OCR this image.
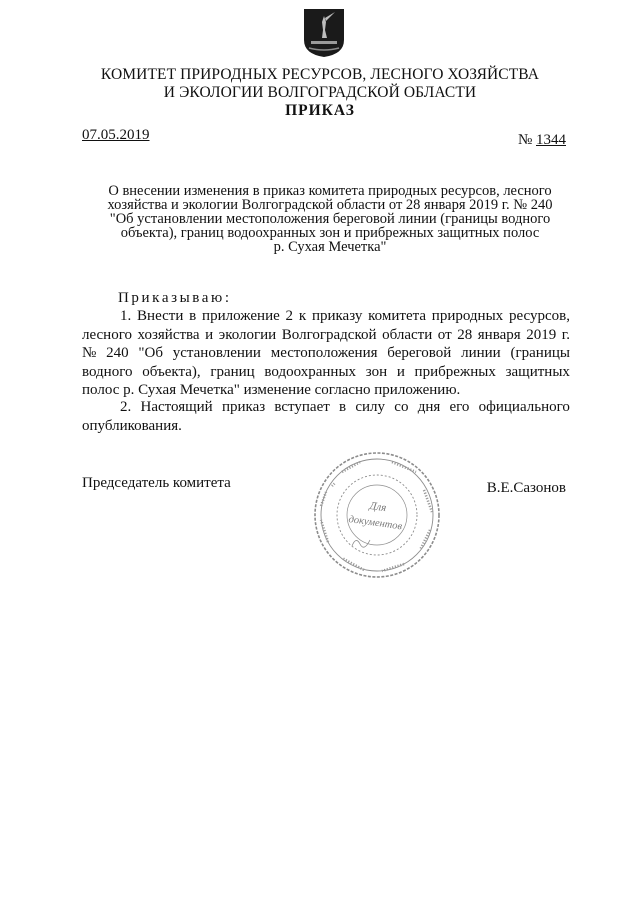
КОМИТЕТ ПРИРОДНЫХ РЕСУРСОВ, ЛЕСНОГО ХОЗЯЙСТВА
И ЭКОЛОГИИ ВОЛГОГРАДСКОЙ ОБЛАСТИ
ПРИКАЗ
07.05.2019	№ 1344
О внесении изменения в приказ комитета природных ресурсов, лесного
хозяйства и экологии Волгоградской области от 28 января 2019 г. № 240
"Об установлении местоположения береговой линии (границы водного
объекта), границ водоохранных зон и прибрежных защитных полос
р. Сухая Мечетка"
Приказываю:
1. Внести в приложение 2 к приказу комитета природных ресурсов,
лесного хозяйства и экологии Волгоградской области от 28 января 2019 г.
№ 240 "Об установлении местоположения береговой линии (границы
водного объекта), границ водоохранных зон и прибрежных защитных
полос р. Сухая Мечетка" изменение согласно приложению.
2. Настоящий приказ вступает в силу со дня его официального
опубликования.
Председатель комитета	В.Е.Сазонов
Для
документов
